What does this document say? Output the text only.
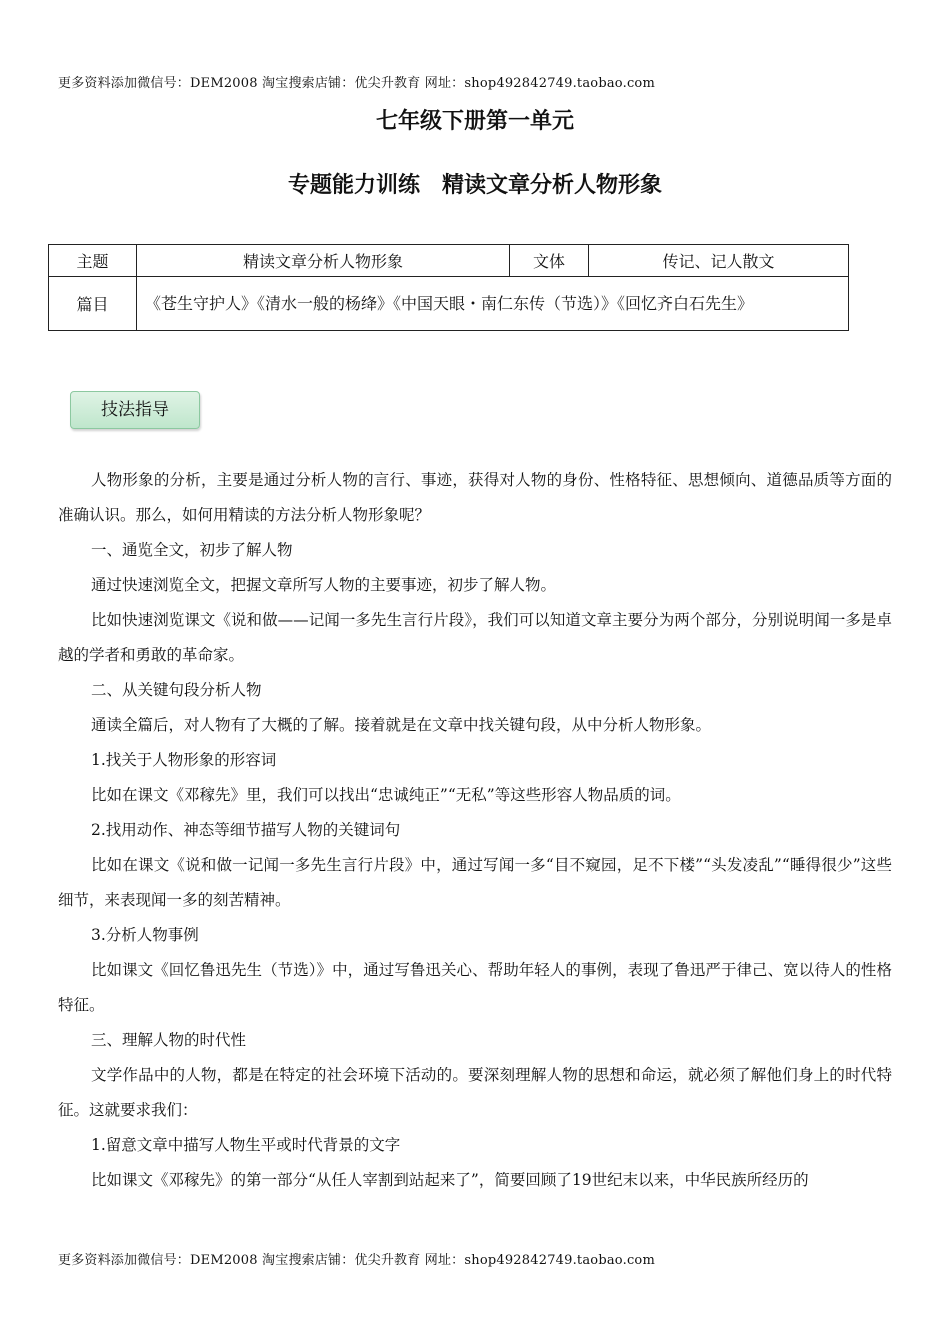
更多资料添加微信号：DEM2008 淘宝搜索店铺：优尖升教育 网址：shop492842749.taobao.com
七年级下册第一单元
专题能力训练　精读文章分析人物形象
主题	精读文章分析人物形象	文体	传记、记人散文
篇目	《苍生守护人》《清水一般的杨绛》《中国天眼・南仁东传（节选）》《回忆齐白石先生》		
技法指导

人物形象的分析，主要是通过分析人物的言行、事迹，获得对人物的身份、性格特征、思想倾向、道德品质等方面的准确认识。那么，如何用精读的方法分析人物形象呢？

一、通览全文，初步了解人物

通过快速浏览全文，把握文章所写人物的主要事迹，初步了解人物。

比如快速浏览课文《说和做——记闻一多先生言行片段》，我们可以知道文章主要分为两个部分，分别说明闻一多是卓越的学者和勇敢的革命家。

二、从关键句段分析人物

通读全篇后，对人物有了大概的了解。接着就是在文章中找关键句段，从中分析人物形象。

1.找关于人物形象的形容词

比如在课文《邓稼先》里，我们可以找出“忠诚纯正”“无私”等这些形容人物品质的词。

2.找用动作、神态等细节描写人物的关键词句

比如在课文《说和做一记闻一多先生言行片段》中，通过写闻一多“目不窥园，足不下楼”“头发凌乱”“睡得很少”这些细节，来表现闻一多的刻苦精神。

3.分析人物事例

比如课文《回忆鲁迅先生（节选）》中，通过写鲁迅关心、帮助年轻人的事例，表现了鲁迅严于律己、宽以待人的性格特征。

三、理解人物的时代性

文学作品中的人物，都是在特定的社会环境下活动的。要深刻理解人物的思想和命运，就必须了解他们身上的时代特征。这就要求我们：

1.留意文章中描写人物生平或时代背景的文字

比如课文《邓稼先》的第一部分“从任人宰割到站起来了”，简要回顾了19世纪末以来，中华民族所经历的

更多资料添加微信号：DEM2008 淘宝搜索店铺：优尖升教育 网址：shop492842749.taobao.com
